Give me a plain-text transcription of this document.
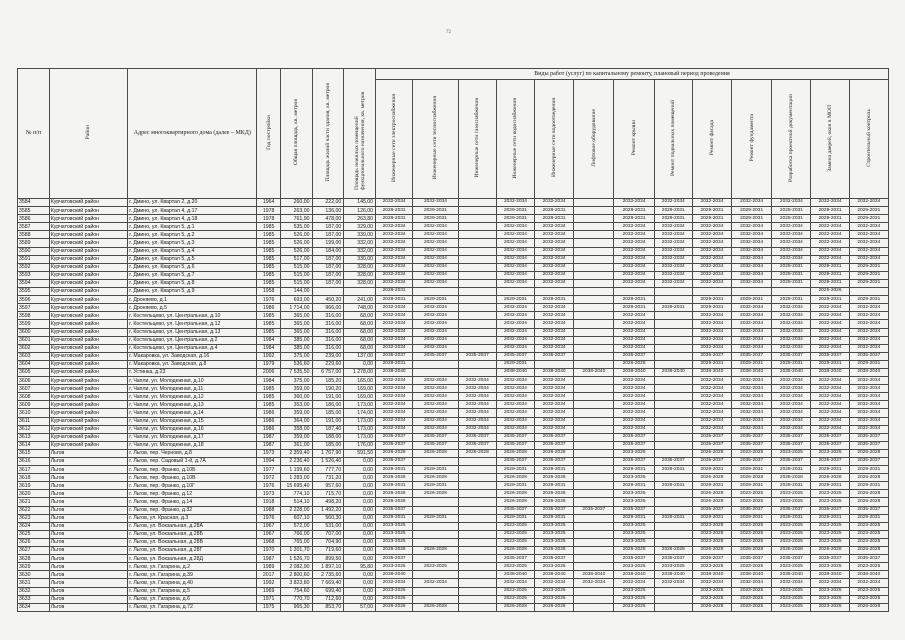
72
№ п/п	Район	Адрес многоквартирного дома (далее – МКД)	Год постройки	Общая площадь, кв. метров	Площадь жилой части здания, кв. метров	Площадь нежилых помещений функционального назначения, кв. метров	Виды работ (услуг) по капитальному ремонту, плановый период проведения												
							Инженерные сети электроснабжения	Инженерные сети теплоснабжения	Инженерные сети газоснабжения	Инженерные сети водоснабжения	Инженерные сети водоотведения	Лифтовое оборудование	Ремонт крыши	Ремонт подвальных помещений	Ремонт фасада	Ремонт фундамента	Разработка проектной документации	Замена дверей, окон в МОП	Строительный контроль
3584	Курчатовский район	г. Дмино, ул. Квартал 2, д.20	1964	260,00	222,00	145,00	2032-2034	2032-2034		2032-2034	2032-2034		2032-2034	2032-2034	2032-2034	2032-2034	2032-2034	2032-2034	2032-2034
3585	Курчатовский район	г. Дмино, ул. Квартал 4, д.17	1978	263,00	136,00	126,00	2029-2031	2029-2031		2029-2031	2029-2031		2029-2031	2029-2031	2029-2031	2029-2031	2029-2031	2029-2031	2029-2031
3586	Курчатовский район	г. Дмино, ул. Квартал 4, д.18	1978	761,90	478,00	263,80	2029-2031	2029-2031		2029-2031	2029-2031		2029-2031	2029-2031	2029-2031	2029-2031	2029-2031	2029-2031	2029-2031
3587	Курчатовский район	г. Дмино, ул. Квартал 5, д.1	1985	535,00	187,00	329,00	2032-2034	2032-2034		2032-2034	2032-2034		2032-2034	2032-2034	2032-2034	2032-2034	2032-2034	2032-2034	2032-2034
3588	Курчатовский район	г. Дмино, ул. Квартал 5, д.2	1985	526,00	187,00	339,00	2032-2034	2032-2034		2032-2034	2032-2034		2032-2034	2032-2034	2032-2034	2032-2034	2032-2034	2032-2034	2032-2034
3589	Курчатовский район	г. Дмино, ул. Квартал 5, д.3	1985	526,00	199,00	332,00	2032-2034	2032-2034		2032-2034	2032-2034		2032-2034	2032-2034	2032-2034	2032-2034	2032-2034	2032-2034	2032-2034
3590	Курчатовский район	г. Дмино, ул. Квартал 5, д.4	1985	526,00	184,00	332,00	2032-2034	2032-2034		2032-2034	2032-2034		2032-2034	2032-2034	2032-2034	2032-2034	2032-2034	2032-2034	2032-2034
3591	Курчатовский район	г. Дмино, ул. Квартал 5, д.5	1985	517,00	187,00	330,00	2032-2034	2032-2034		2032-2034	2032-2034		2032-2034	2032-2034	2032-2034	2032-2034	2032-2034	2032-2034	2032-2034
3592	Курчатовский район	г. Дмино, ул. Квартал 5, д.6	1985	515,00	187,00	328,00	2032-2034	2032-2034		2032-2034	2032-2034		2032-2034	2032-2034	2032-2034	2032-2034	2029-2031	2029-2031	2029-2031
3593	Курчатовский район	г. Дмино, ул. Квартал 5, д.7	1985	515,00	187,00	328,00	2032-2034	2032-2034		2032-2034	2032-2034		2032-2034	2032-2034	2032-2034	2032-2034	2029-2031	2029-2031	2029-2031
3594	Курчатовский район	г. Дмино, ул. Квартал 5, д.8	1985	515,00	187,00	328,00	2032-2034	2032-2034		2032-2034	2032-2034		2032-2034	2032-2034	2032-2034	2032-2034	2029-2031	2029-2031	2029-2031
3595	Курчатовский район	г. Дмино, ул. Квартал 5, д.9	1958	144,00			2029-2031											2025-2026	
3596	Курчатовский район	г. Дроняево, д.1	1976	693,00	450,20	241,00	2029-2031	2029-2031		2029-2031	2029-2031		2029-2031		2029-2031	2029-2031	2029-2031	2029-2031	2029-2031
3597	Курчатовский район	г. Дроняево, д.5	1986	1 714,00	966,00	748,00	2032-2034	2032-2034		2032-2034	2032-2034		2029-2031	2029-2031	2029-2031	2032-2034	2032-2034	2032-2034	2032-2034
3598	Курчатовский район	г. Костельцево, ул. Центральная, д.10	1985	365,00	316,00	68,00	2032-2034	2032-2034		2032-2034	2032-2034		2032-2034		2032-2034	2032-2034	2032-2034	2032-2034	2032-2034
3599	Курчатовский район	г. Костельцево, ул. Центральная, д.12	1985	365,00	316,00	68,00	2032-2034	2032-2034		2032-2034	2032-2034		2032-2034		2032-2034	2032-2034	2032-2034	2032-2034	2032-2034
3600	Курчатовский район	г. Костельцево, ул. Центральная, д.13	1985	365,00	316,00	68,00	2032-2034	2032-2034		2032-2034	2032-2034		2032-2034		2032-2034	2032-2034	2032-2034	2032-2034	2032-2034
3601	Курчатовский район	г. Костельцево, ул. Центральная, д.2	1984	385,00	316,00	68,00	2032-2034	2032-2034		2032-2034	2032-2034		2032-2034		2032-2034	2032-2034	2032-2034	2032-2034	2032-2034
3602	Курчатовский район	г. Костельцево, ул. Центральная, д.4	1984	385,00	316,00	68,00	2032-2034	2032-2034		2032-2034	2032-2034		2032-2034		2032-2034	2032-2034	2032-2034	2032-2034	2032-2034
3603	Курчатовский район	г. Макаровка, ул. Заводская, д.16	1992	375,00	239,00	137,00	2035-2037	2035-2037	2035-2037	2035-2037	2035-2037		2035-2037		2035-2037	2035-2037	2035-2037	2035-2037	2035-2037
3604	Курчатовский район	г. Макаровка, ул. Заводская, д.8	1979	536,60	229,60	0,00	2029-2031			2029-2031			2026-2028		2029-2031	2029-2031	2029-2031	2029-2031	2029-2031
3605	Курчатовский район	г. Устинка, д.23	2006	7 535,50	6 757,00	1 278,00	2038-2040			2038-2040	2038-2040	2038-2040	2038-2040	2038-2040	2038-2040	2038-2040	2038-2040	2038-2040	2038-2040
3606	Курчатовский район	г. Чапли, ул. Молодежная, д.10	1984	375,00	185,20	165,00	2032-2034	2032-2034	2032-2034	2032-2034	2032-2034		2032-2034		2032-2034	2032-2034	2032-2034	2032-2034	2032-2034
3607	Курчатовский район	г. Чапли, ул. Молодежная, д.11	1985	359,00	190,20	169,00	2032-2034	2032-2034	2032-2034	2032-2034	2032-2034		2032-2034		2032-2034	2032-2034	2032-2034	2032-2034	2032-2034
3608	Курчатовский район	г. Чапли, ул. Молодежная, д.12	1985	360,00	191,00	169,00	2032-2034	2032-2034	2032-2034	2032-2034	2032-2034		2032-2034		2032-2034	2032-2034	2032-2034	2032-2034	2032-2034
3609	Курчатовский район	г. Чапли, ул. Молодежная, д.13	1985	353,00	186,00	173,00	2032-2034	2032-2034	2032-2034	2032-2034	2032-2034		2032-2034		2032-2034	2032-2034	2032-2034	2032-2034	2032-2034
3610	Курчатовский район	г. Чапли, ул. Молодежная, д.14	1986	359,00	185,00	174,00	2032-2034	2032-2034	2032-2034	2032-2034	2032-2034		2032-2034		2032-2034	2032-2034	2032-2034	2032-2034	2032-2034
3611	Курчатовский район	г. Чапли, ул. Молодежная, д.15	1986	364,00	191,00	173,00	2032-2034	2032-2034	2032-2034	2032-2034	2032-2034		2032-2034		2032-2034	2032-2034	2032-2034	2032-2034	2032-2034
3612	Курчатовский район	г. Чапли, ул. Молодежная, д.16	1986	358,00	187,40	173,00	2032-2034	2032-2034	2032-2034	2032-2034	2032-2034		2032-2034		2032-2034	2032-2034	2032-2034	2032-2034	2032-2034
3613	Курчатовский район	г. Чапли, ул. Молодежная, д.17	1987	359,00	188,00	173,00	2035-2037	2035-2037	2035-2037	2035-2037	2035-2037		2035-2037		2035-2037	2035-2037	2035-2037	2035-2037	2035-2037
3614	Курчатовский район	г. Чапли, ул. Молодежная, д.18	1987	361,00	185,00	176,00	2035-2037	2035-2037	2035-2037	2035-2037	2035-2037		2035-2037		2035-2037	2035-2037	2035-2037	2035-2037	2035-2037
3615	Льгов	г. Льгов, пер. Черновя, д.8	1973	2 359,40	1 767,90	591,50	2026-2028	2026-2028	2026-2028	2026-2028	2026-2028		2023-2025		2026-2028	2023-2025	2023-2025	2023-2025	2026-2028
3616	Льгов	г. Льгов, пер. Садовый 1-й, д.7А	1994	2 236,40	1 526,40	0,00	2035-2037			2035-2037	2035-2037		2035-2037	2035-2037	2035-2037	2035-2037	2035-2037	2035-2037	2035-2037
3617	Льгов	г. Льгов, пер. Франко, д.10Б	1977	1 199,60	777,70	0,00	2029-2031	2029-2031		2029-2031	2029-2031		2029-2031	2029-2031	2029-2031	2029-2031	2029-2031	2029-2031	2029-2031
3618	Льгов	г. Льгов, пер. Франко, д.10В	1972	1 283,00	731,20	0,00	2026-2028	2026-2028		2026-2028	2026-2028		2023-2025		2026-2028	2026-2028	2026-2028	2026-2028	2026-2028
3619	Льгов	г. Льгов, пер. Франко, д.10Г	1976	15 695,40	957,60	0,00	2029-2031	2029-2031		2029-2031	2029-2031		2029-2031	2029-2031	2029-2031	2029-2031	2029-2031	2029-2031	2029-2031
3620	Льгов	г. Льгов, пер. Франко, д.12	1973	774,10	715,70	0,00	2026-2028	2026-2028		2026-2028	2026-2028		2023-2025		2026-2028	2023-2025	2023-2025	2023-2025	2026-2028
3621	Льгов	г. Льгов, пер. Франко, д.14	1918	514,10	498,20	0,00	2026-2028			2026-2028	2026-2028		2023-2025		2026-2028	2023-2025	2023-2025	2023-2025	2026-2028
3622	Льгов	г. Льгов, пер. Франко, д.32	1988	2 228,00	1 492,20	0,00	2035-2037			2035-2037	2035-2037	2035-2037	2035-2037		2035-2037	2035-2037	2035-2037	2035-2037	2035-2037
3623	Льгов	г. Льгов, ул. Красная, д.3	1976	607,10	560,30	0,00	2029-2031	2029-2031		2029-2031	2029-2031		2029-2031	2029-2031	2029-2031	2029-2031	2029-2031	2029-2031	2029-2031
3624	Льгов	г. Льгов, ул. Вокзальная, д.28А	1967	572,00	531,00	0,00	2023-2025			2023-2025	2023-2025		2023-2025		2023-2025	2023-2025	2023-2025	2023-2025	2023-2025
3625	Льгов	г. Льгов, ул. Вокзальная, д.28Б	1967	766,00	707,00	0,00	2023-2025			2023-2025	2023-2025		2023-2025		2023-2025	2023-2025	2023-2025	2023-2025	2023-2025
3626	Льгов	г. Льгов, ул. Вокзальная, д.28В	1968	765,00	704,90	0,00	2023-2025			2023-2025	2023-2025		2023-2025		2023-2025	2023-2025	2023-2025	2023-2025	2023-2025
3627	Льгов	г. Льгов, ул. Вокзальная, д.28Г	1970	1 201,70	719,60	0,00	2026-2028	2026-2028		2026-2028	2026-2028		2026-2028	2026-2028	2026-2028	2026-2028	2026-2028	2026-2028	2026-2028
3628	Льгов	г. Льгов, ул. Вокзальная, д.28Д	1987	1 526,70	899,50	0,00	2035-2037			2035-2037	2035-2037		2035-2037	2035-2037	2035-2037	2035-2037	2035-2037	2035-2037	2035-2037
3629	Льгов	г. Льгов, ул. Гагарина, д.2	1989	2 082,90	1 897,10	95,80	2023-2025	2023-2025		2023-2025	2023-2025		2023-2025	2023-2025	2023-2025	2023-2025	2023-2025	2023-2025	2023-2025
3630	Льгов	г. Льгов, ул. Гагарина, д.39	2017	2 800,60	2 735,60	0,00	2038-2040			2038-2040	2038-2040	2038-2040	2038-2040	2038-2040	2038-2040	2038-2040	2038-2040	2038-2040	2038-2040
3631	Льгов	г. Льгов, ул. Гагарина, д.40	1992	3 823,80	7 669,40	0,00	2032-2034	2032-2034		2032-2034	2032-2034	2032-2034	2032-2034	2032-2034	2032-2034	2032-2034	2032-2034	2032-2034	2032-2034
3632	Льгов	г. Льгов, ул. Гагарина, д.5	1969	754,60	699,40	0,00	2023-2025			2023-2025	2023-2025		2023-2025		2023-2025	2023-2025	2023-2025	2023-2025	2023-2025
3633	Льгов	г. Льгов, ул. Гагарина, д.6	1971	770,70	712,60	0,00	2023-2025			2023-2025	2023-2025		2023-2025		2023-2025	2023-2025	2023-2025	2023-2025	2023-2025
3634	Льгов	г. Льгов, ул. Гагарина, д.72	1975	965,30	853,70	57,00	2026-2028	2026-2028		2026-2028	2026-2028		2023-2025		2026-2028	2023-2025	2023-2025	2023-2025	2026-2028
